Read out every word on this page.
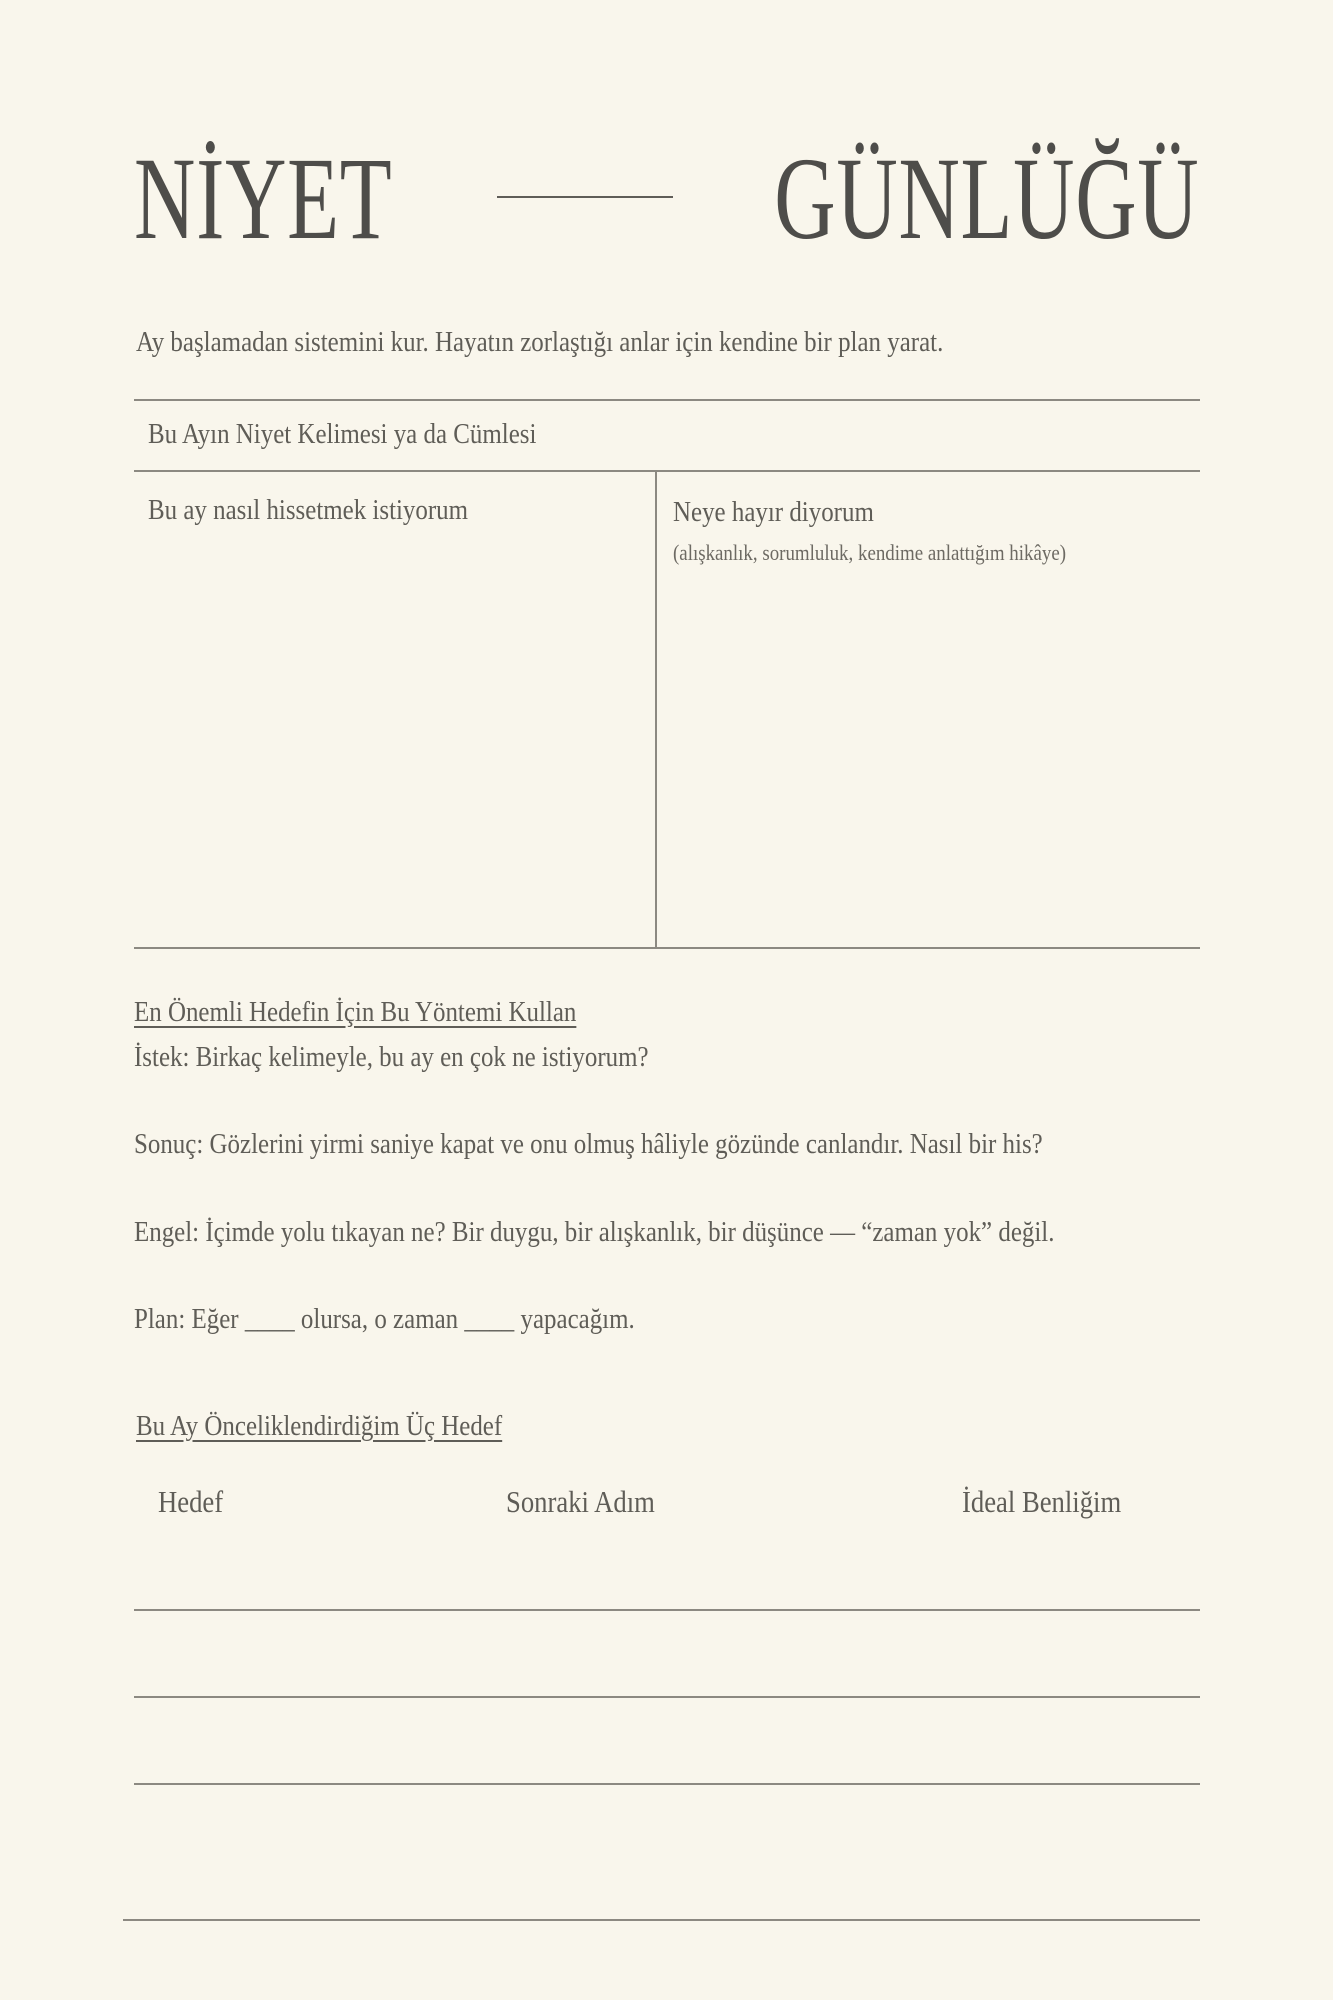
NİYET	GÜNLÜĞÜ
Ay başlamadan sistemini kur. Hayatın zorlaştığı anlar için kendine bir plan yarat.
Bu Ayın Niyet Kelimesi ya da Cümlesi
Bu ay nasıl hissetmek istiyorum	Neye hayır diyorum
(alışkanlık, sorumluluk, kendime anlattığım hikâye)
En Önemli Hedefin İçin Bu Yöntemi Kullan
İstek: Birkaç kelimeyle, bu ay en çok ne istiyorum?
Sonuç: Gözlerini yirmi saniye kapat ve onu olmuş hâliyle gözünde canlandır. Nasıl bir his?
Engel: İçimde yolu tıkayan ne? Bir duygu, bir alışkanlık, bir düşünce — “zaman yok” değil.
Plan: Eğer ____ olursa, o zaman ____ yapacağım.
Bu Ay Önceliklendirdiğim Üç Hedef
Hedef	Sonraki Adım	İdeal Benliğim
